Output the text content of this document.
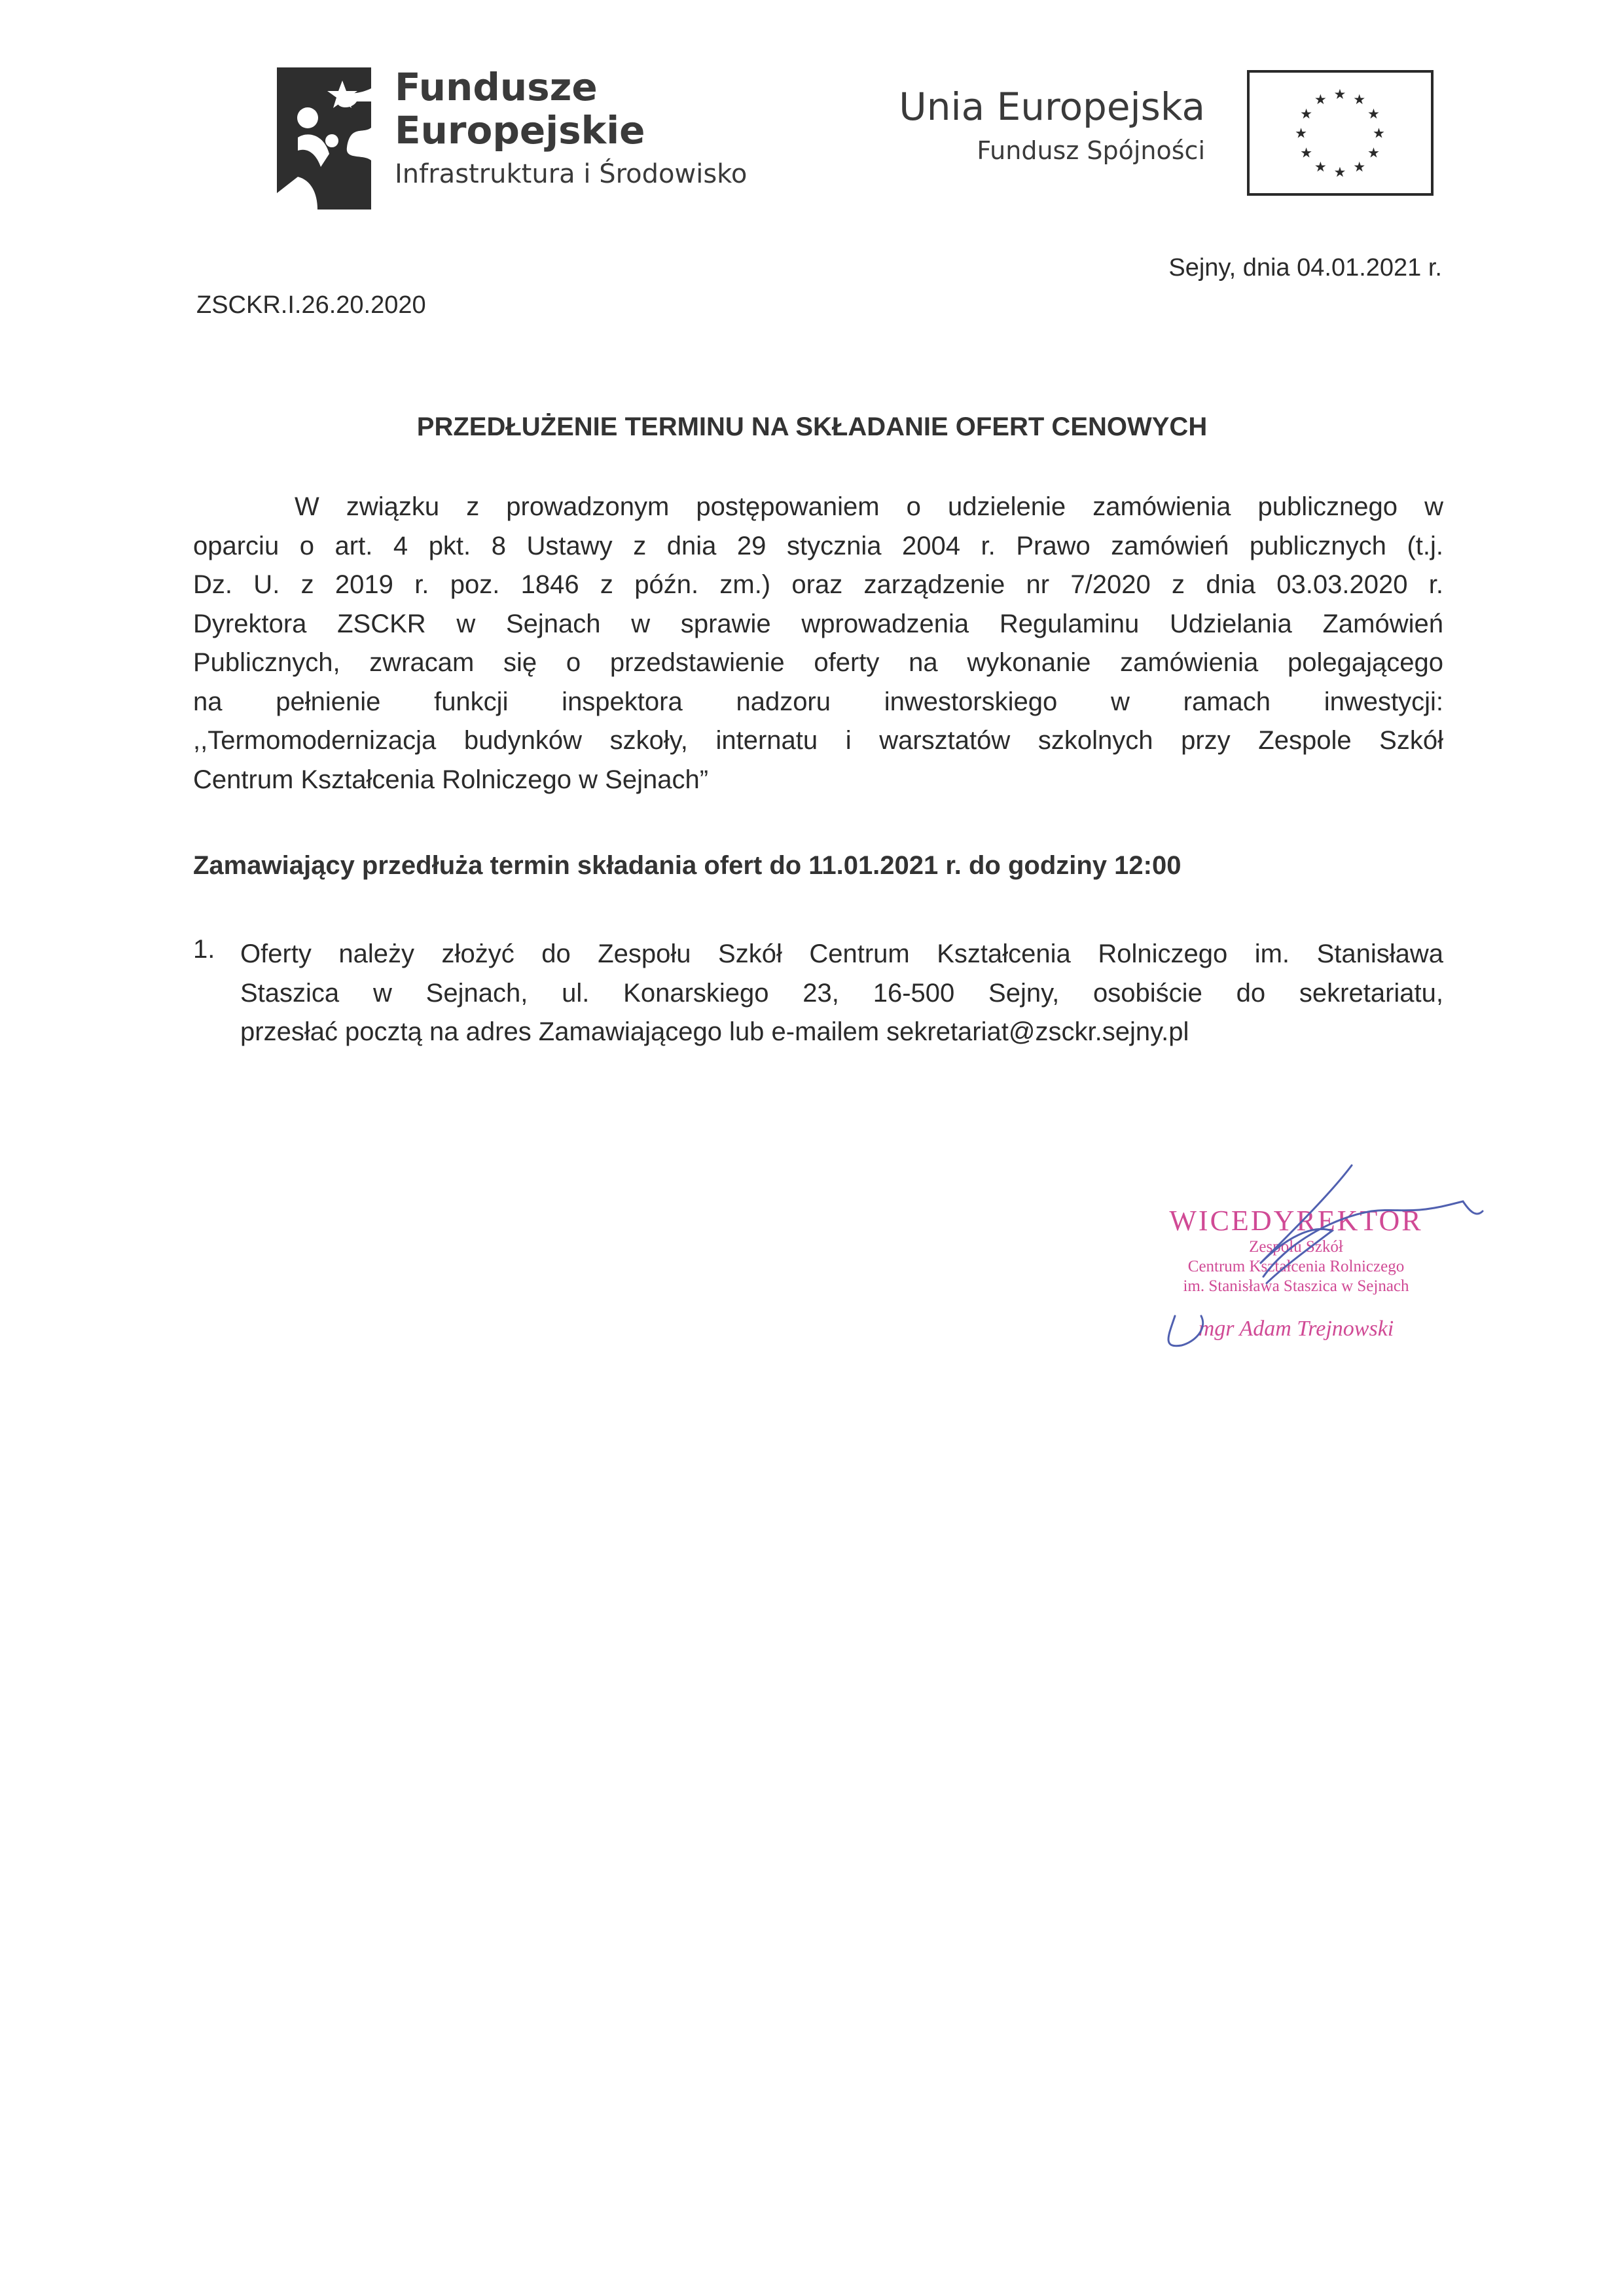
Fundusze
Europejskie
Infrastruktura i Środowisko
Unia Europejska
Fundusz Spójności
★ ★
★
★
★
★
★
★
★
★
★
★
Sejny, dnia 04.01.2021 r.
ZSCKR.I.26.20.2020
PRZEDŁUŻENIE TERMINU NA SKŁADANIE OFERT CENOWYCH
W związku z prowadzonym postępowaniem o udzielenie zamówienia publicznego w
oparciu o art. 4 pkt. 8 Ustawy z dnia 29 stycznia 2004 r. Prawo zamówień publicznych (t.j.
Dz. U. z 2019 r. poz. 1846 z późn. zm.) oraz zarządzenie nr 7/2020 z dnia 03.03.2020 r.
Dyrektora ZSCKR w Sejnach w sprawie wprowadzenia Regulaminu Udzielania Zamówień
Publicznych, zwracam się o przedstawienie oferty na wykonanie zamówienia polegającego
na pełnienie funkcji inspektora nadzoru inwestorskiego w ramach inwestycji:
,,Termomodernizacja budynków szkoły, internatu i warsztatów szkolnych przy Zespole Szkół
Centrum Kształcenia Rolniczego w Sejnach”
Zamawiający przedłuża termin składania ofert do 11.01.2021 r. do godziny 12:00
1. Oferty należy złożyć do Zespołu Szkół Centrum Kształcenia Rolniczego im. Stanisława
Staszica w Sejnach, ul. Konarskiego 23, 16-500 Sejny, osobiście do sekretariatu,
przesłać pocztą na adres Zamawiającego lub e-mailem sekretariat@zsckr.sejny.pl
WICEDYREKTOR
Zespołu Szkół
Centrum Kształcenia Rolniczego
im. Stanisława Staszica w Sejnach
mgr Adam Trejnowski
